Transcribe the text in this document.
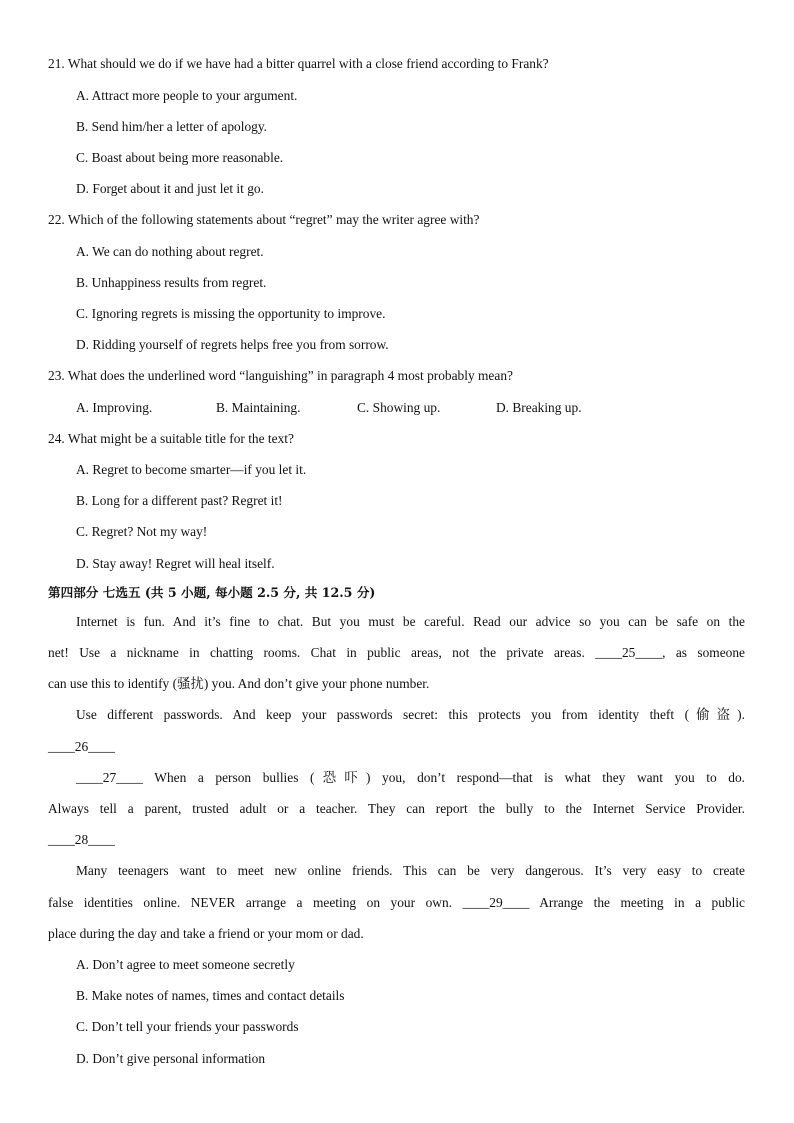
21. What should we do if we have had a bitter quarrel with a close friend according to Frank?
A. Attract more people to your argument.
B. Send him/her a letter of apology.
C. Boast about being more reasonable.
D. Forget about it and just let it go.
22. Which of the following statements about “regret” may the writer agree with?
A. We can do nothing about regret.
B. Unhappiness results from regret.
C. Ignoring regrets is missing the opportunity to improve.
D. Ridding yourself of regrets helps free you from sorrow.
23. What does the underlined word “languishing” in paragraph 4 most probably mean?
A. Improving.	B. Maintaining.	C. Showing up.	D. Breaking up.
24. What might be a suitable title for the text?
A. Regret to become smarter—if you let it.
B. Long for a different past? Regret it!
C. Regret? Not my way!
D. Stay away! Regret will heal itself.
第四部分 七选五 (共 5 小题, 每小题 2.5 分, 共 12.5 分)
Internet is fun. And it’s fine to chat. But you must be careful. Read our advice so you can be safe on the
net! Use a nickname in chatting rooms. Chat in public areas, not the private areas. ____25____, as someone
can use this to identify (骚扰) you. And don’t give your phone number.
Use different passwords. And keep your passwords secret: this protects you from identity theft (偷盗).
____26____
____27____ When a person bullies (恐吓) you, don’t respond—that is what they want you to do.
Always tell a parent, trusted adult or a teacher. They can report the bully to the Internet Service Provider.
____28____
Many teenagers want to meet new online friends. This can be very dangerous. It’s very easy to create
false identities online. NEVER arrange a meeting on your own. ____29____ Arrange the meeting in a public
place during the day and take a friend or your mom or dad.
A. Don’t agree to meet someone secretly
B. Make notes of names, times and contact details
C. Don’t tell your friends your passwords
D. Don’t give personal information
